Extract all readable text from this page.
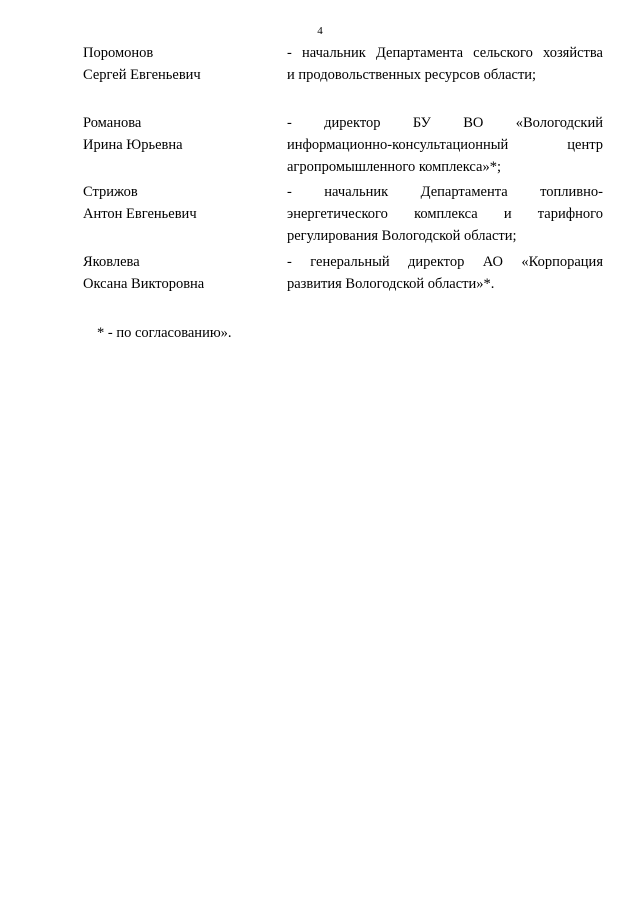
4
Поромонов
Сергей Евгеньевич
- начальник Департамента сельского хозяйства
и продовольственных ресурсов области;
Романова
Ирина Юрьевна
- директор БУ ВО «Вологодский
информационно-консультационный	центр
агропромышленного комплекса»*;
Стрижов
Антон Евгеньевич
- начальник Департамента топливно-
энергетического комплекса и тарифного
регулирования Вологодской области;
Яковлева
Оксана Викторовна
- генеральный директор АО «Корпорация
развития Вологодской области»*.
* - по согласованию».
